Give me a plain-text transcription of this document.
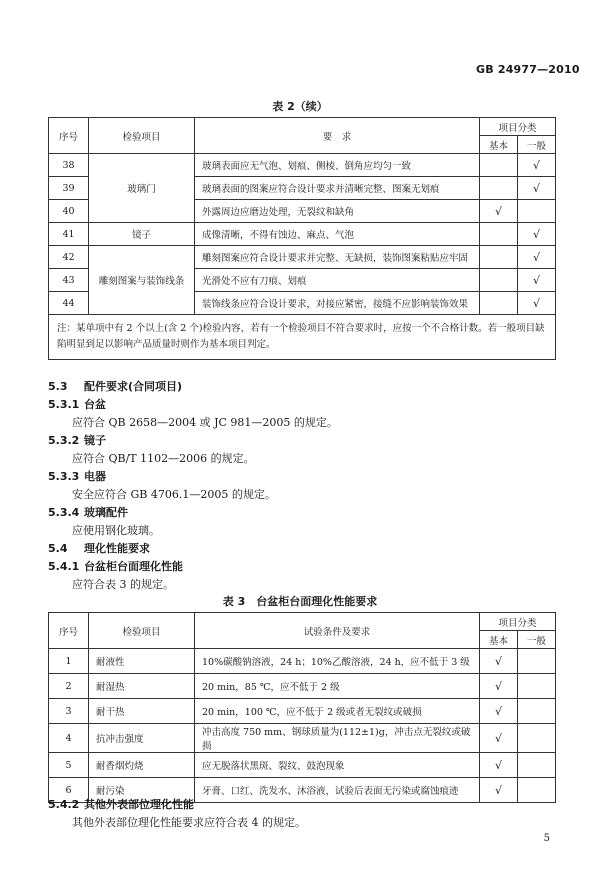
GB 24977—2010
表 2（续）
序号	检验项目	要　求	项目分类	
			基本	一般
38	玻璃门	玻璃表面应无气泡、划痕、侧棱、倒角应均匀一致		√
39		玻璃表面的图案应符合设计要求并清晰完整、图案无划痕		√
40		外露周边应磨边处理，无裂纹和缺角	√	
41	镜子	成像清晰，不得有蚀边、麻点、气泡		√
42	雕刻图案与装饰线条	雕刻图案应符合设计要求并完整、无缺损，装饰图案粘贴应牢固		√
43		光滑处不应有刀痕、划痕		√
44		装饰线条应符合设计要求，对接应紧密，接缝不应影响装饰效果		√
注：某单项中有 2 个以上(含 2 个)检验内容，若有一个检验项目不符合要求时，应按一个不合格计数。若一般项目缺陷明显到足以影响产品质量时则作为基本项目判定。				
5.3 配件要求(合同项目)
5.3.1 台盆
应符合 QB 2658—2004 或 JC 981—2005 的规定。
5.3.2 镜子
应符合 QB/T 1102—2006 的规定。
5.3.3 电器
安全应符合 GB 4706.1—2005 的规定。
5.3.4 玻璃配件
应使用钢化玻璃。
5.4 理化性能要求
5.4.1 台盆柜台面理化性能
应符合表 3 的规定。
表 3　台盆柜台面理化性能要求
序号	检验项目	试验条件及要求	项目分类	
			基本	一般
1	耐液性	10%碳酸钠溶液，24 h；10%乙酸溶液，24 h，应不低于 3 级	√	
2	耐湿热	20 min，85 ℃，应不低于 2 级	√	
3	耐干热	20 min，100 ℃，应不低于 2 级或者无裂纹或破损	√	
4	抗冲击强度	冲击高度 750 mm、钢球质量为(112±1)g，冲击点无裂纹或破损	√	
5	耐香烟灼烧	应无脱落状黑斑、裂纹、鼓泡现象	√	
6	耐污染	牙膏、口红、洗发水、沐浴液，试验后表面无污染或腐蚀痕迹	√	
5.4.2 其他外表部位理化性能
其他外表部位理化性能要求应符合表 4 的规定。
5
